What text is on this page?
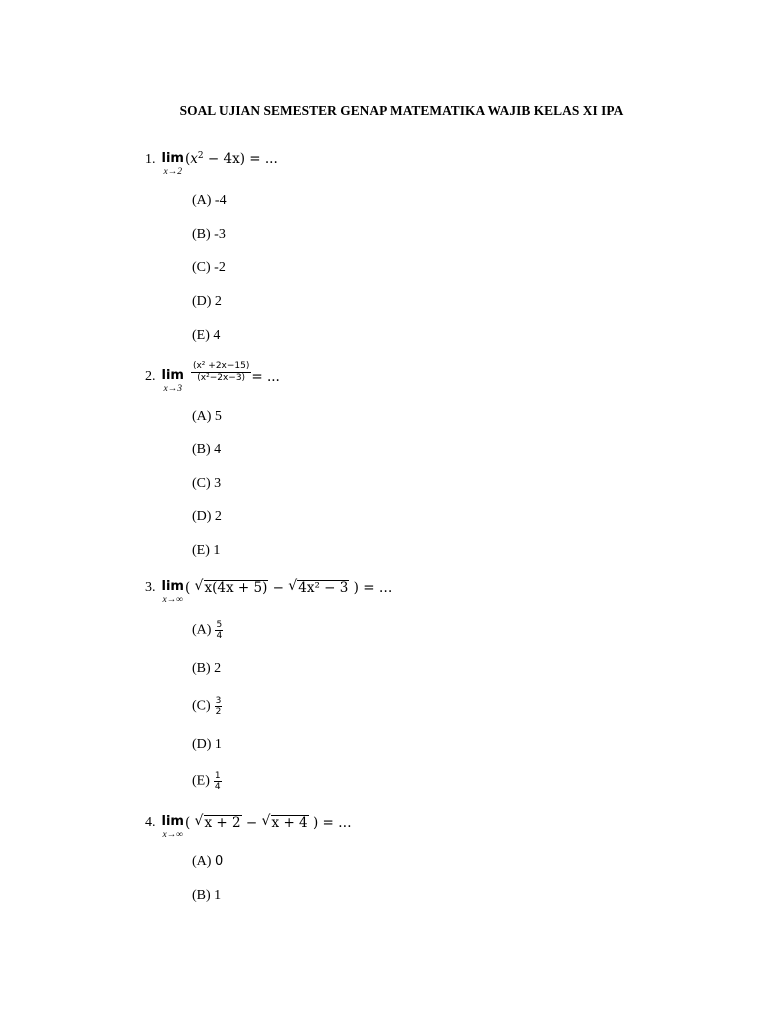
SOAL UJIAN SEMESTER GENAP MATEMATIKA WAJIB KELAS XI IPA
1. lim
x→2
$(x^2 - 4x)$ = ...
(A) -4
(B) -3
(C) -2
(D) 2
(E) 4
2. lim
x→3
$\frac{\text{(x² +2x−15)}}{\text{(x²−2x−3)}}$ = ...
(A) 5
(B) 4
(C) 3
(D) 2
(E) 1
3. lim
x→∞
( √ x(4x + 5) − √ 4x² − 3 ) = …
$(A) \frac{5}{4}$
(B) 2
$(C) \frac{3}{2}$
(D) 1
$(E) \frac{1}{4}$
4. lim
x→∞
( √ x + 2 − √ x + 4 ) = …
(A) 0
(B) 1
